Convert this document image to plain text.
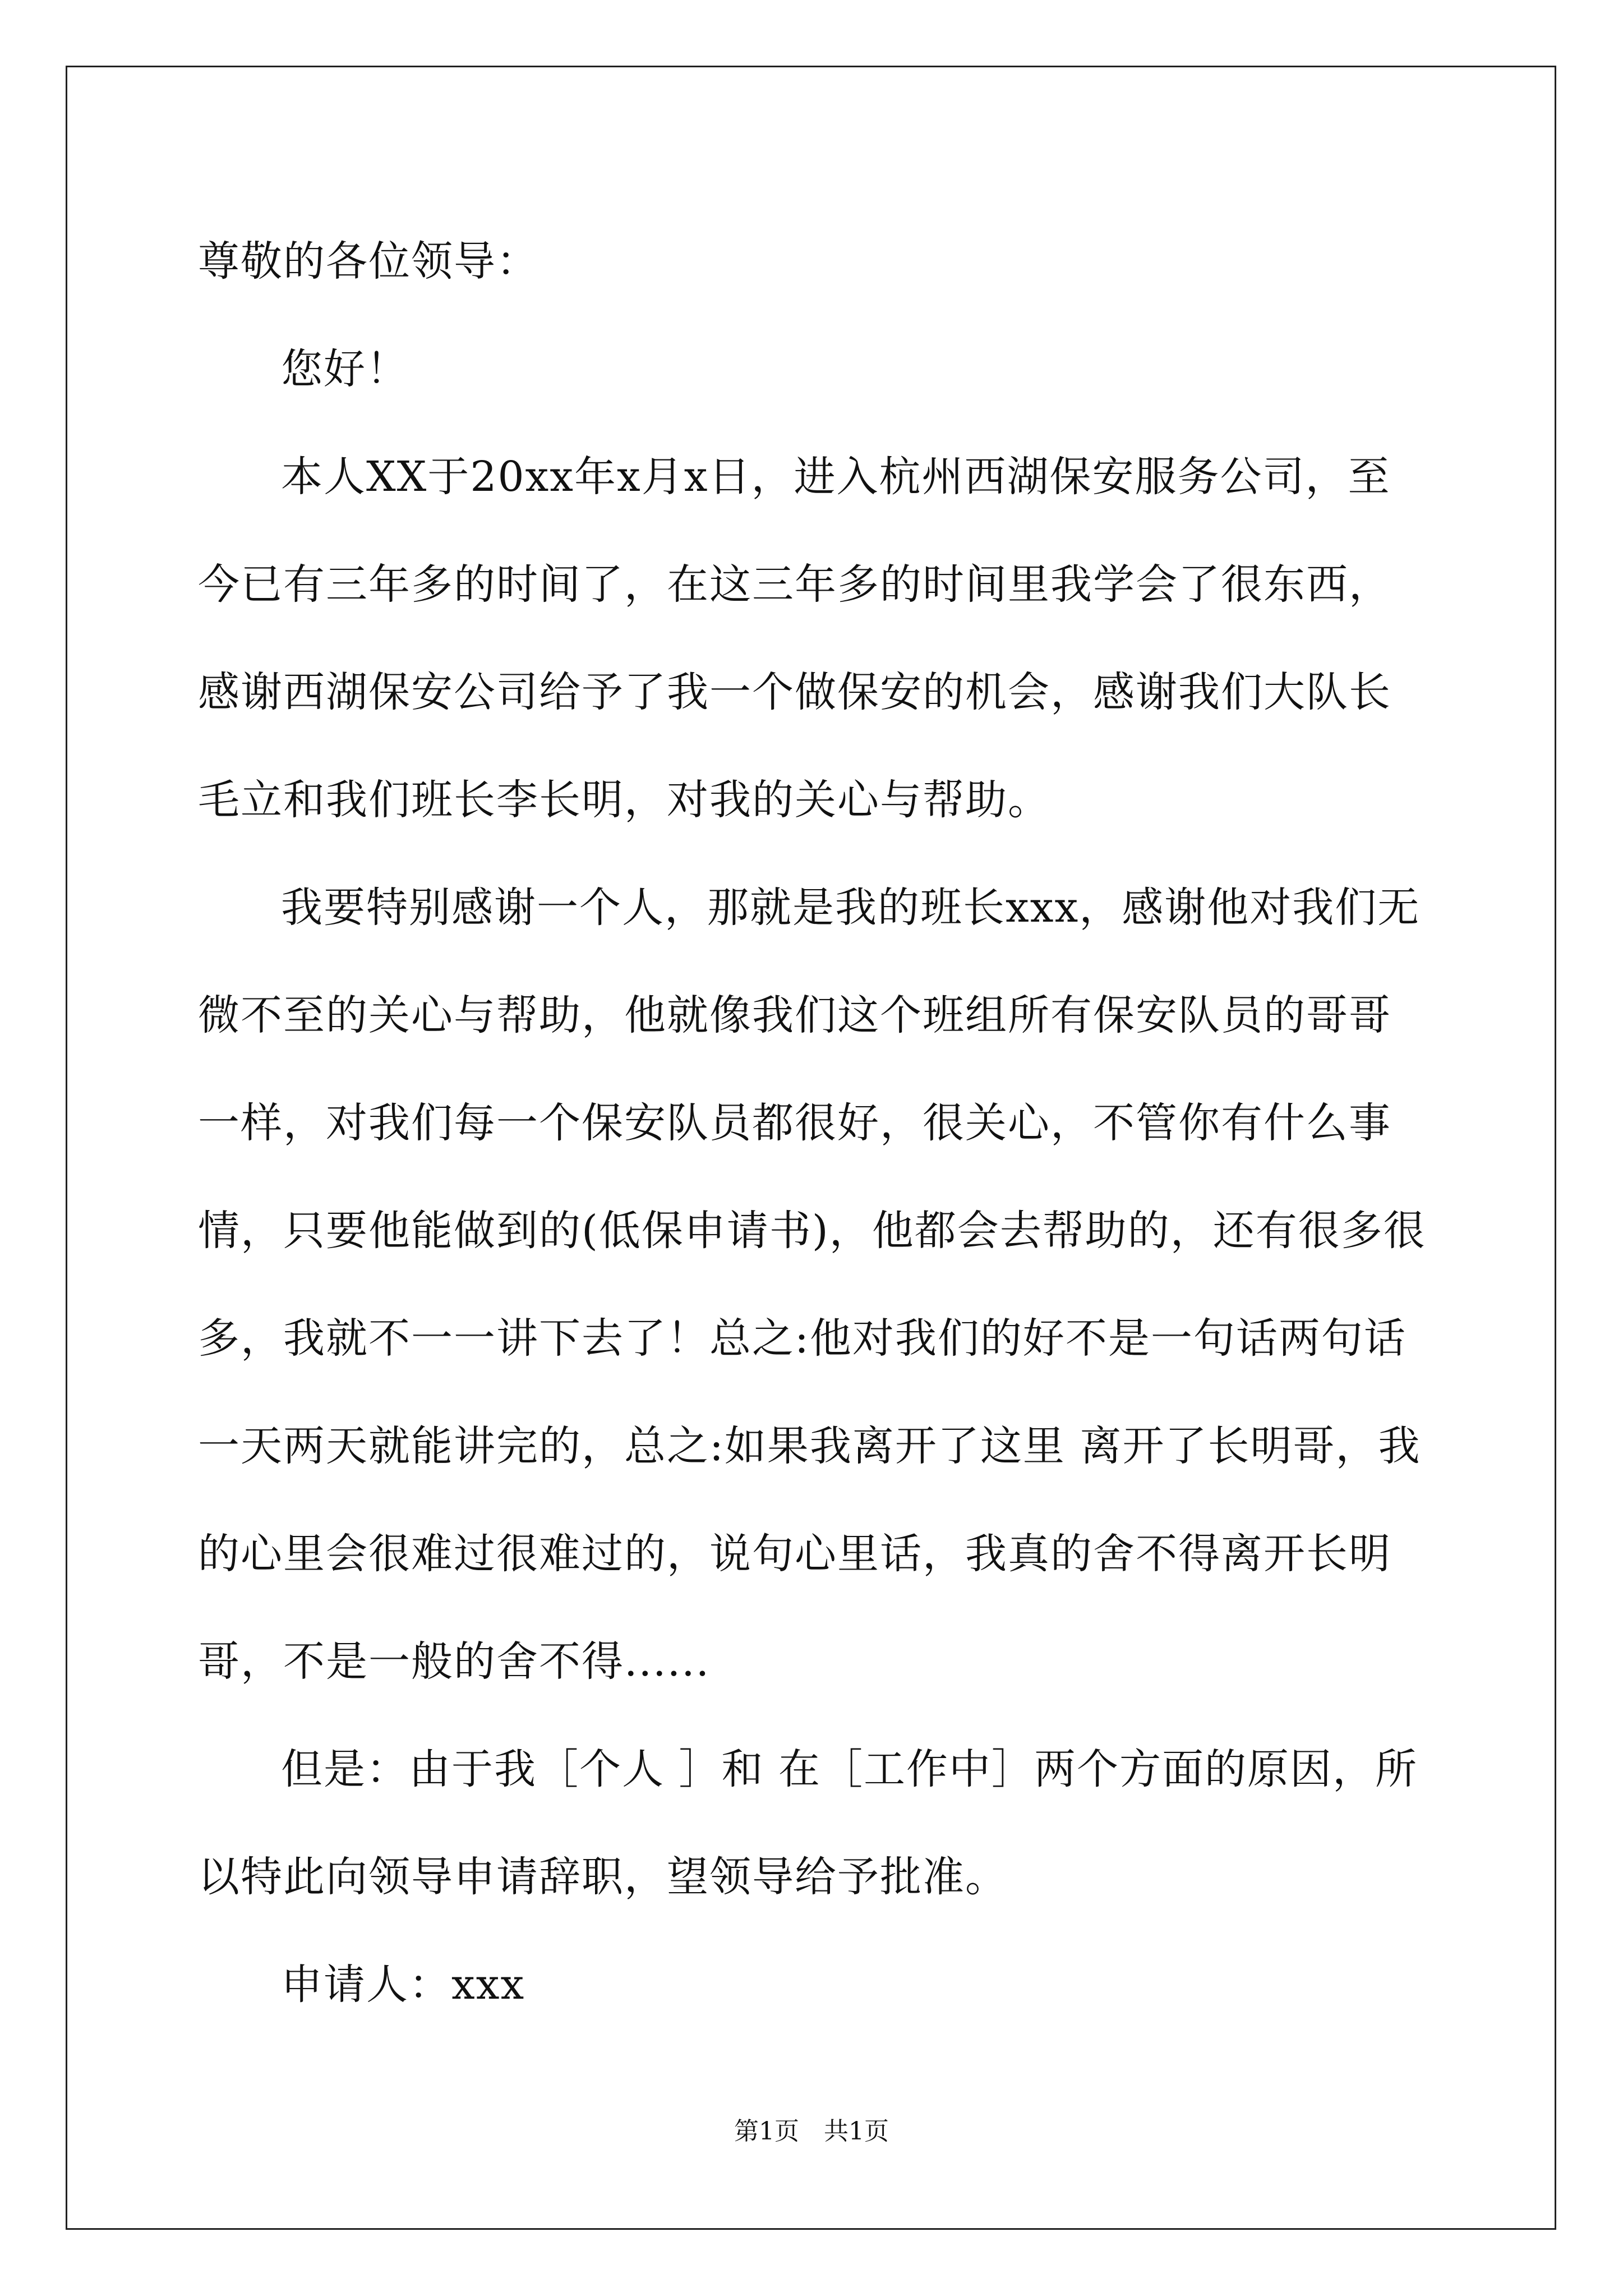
尊敬的各位领导：

您好！

本人XX于20xx年x月x日，进入杭州西湖保安服务公司，至今已有三年多的时间了，在这三年多的时间里我学会了很东西，感谢西湖保安公司给予了我一个做保安的机会，感谢我们大队长毛立和我们班长李长明，对我的关心与帮助。

我要特别感谢一个人，那就是我的班长xxx，感谢他对我们无微不至的关心与帮助，他就像我们这个班组所有保安队员的哥哥一样，对我们每一个保安队员都很好，很关心，不管你有什么事情，只要他能做到的(低保申请书)，他都会去帮助的，还有很多很多，我就不一一讲下去了！总之:他对我们的好不是一句话两句话 一天两天就能讲完的，总之:如果我离开了这里 离开了长明哥，我的心里会很难过很难过的，说句心里话，我真的舍不得离开长明哥，不是一般的舍不得......

但是：由于我［个人 ］和 在［工作中］两个方面的原因，所以特此向领导申请辞职，望领导给予批准。

申请人：xxx

第1页　共1页
